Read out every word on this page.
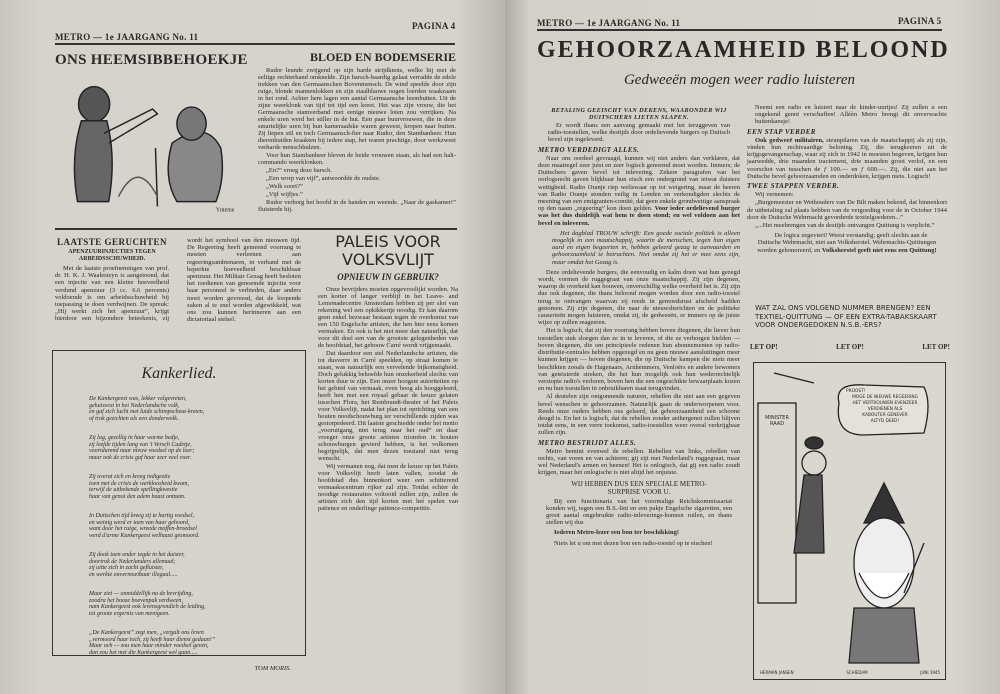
METRO — 1e JAARGANG No. 11
PAGINA 4
ONS HEEMSIBBEHOEKJE
Ynteme
BLOED EN BODEMSERIE

Rudor leunde zwijgend op zijn harde strijdknots, welke hij met de eeltige rechterhand omknelde. Zijn barsch-baardig gelaat verradde de edele trekken van den Germaanschen Bovenmensch. De wind speelde door zijn ruige, blonde mannenlokken en zijn staalblauwe oogen loerden waakzaam in het rond. Achter hem lagen een aantal Germaansche leemhutten. Uit de zijne weerklonk van tijd tot tijd een kreet. Het was zijn vrouw, die het Germaansche stamverband met eenige nieuwe loten zou verrijken. Na enkele uren werd het stiller in de hut. Een paar buurvrouwen, die in deze smartelijke uren bij hun kameraadske waren geweest, kropen naar buiten. Zij liepen stil en toch Germaansch-fier naar Rudor, den Stambanheer. Hun dierenhuiden kraakten bij iedere stap, het waren prachtige, door werkzweet verharde menschhulzen.

Voor hun Stambanheer bleven de beide vrouwen staan, als had een halt-commando weerklonken.

„En?” vroeg deze barsch.

„Een worp van vijf”, antwoordde de oudste.

„Welk soort?”

„Vijf wijfjes.”

Rudor verborg het hoofd in de handen en weende. „Naar de gaskamer!” fluisterde hij.

LAATSTE GERUCHTEN
APENZUURINJECTIES TEGEN ARBEIDSSCHUWHEID.

Met de laatste proefnemingen van prof. dr. H. K. J. Waalesteyn is aangetoond, dat een injectie van een kleine hoeveelheid verdund apenzuur (3 cc. 6.6 percents) voldoende is om arbeidsschuwheid bij toepassing te doen verdwijnen. De spreuk: „Hij werkt zich het apenzuur”, krijgt hierdoor een bijzondere beteekenis, zij wordt het symbool van den nieuwen tijd. De Regeering heeft gemeend voorrang te moeten verleenen aan regeeringsambtenaren, in verband met de beperkte hoeveelheid beschikbaar apenzuur. Het Militair Gezag heeft besloten het toedienen van genoemde injectie voor haar personeel te verbieden, daar anders moet worden gevreesd, dat de loopende zaken al te snel worden afgewikkeld, wat ons zou kunnen herinneren aan een dictatoriaal stelsel.

PALEIS VOOR VOLKSVLIJT
OPNIEUW IN GEBRUIK?

Onze bevrijders moeten opgevroolijkt worden. Na een korter of langer verblijf in het Leave- and Lemonadecentre Amsterdam hebben zij per slot van rekening wel een opkikkertje noodig. Er kan daarom geen enkel bezwaar bestaan tegen de overkomst van een 150 Engelsche artisten, die hen hier eens komen vermaken. En ook is het niet meer dan natuurlijk, dat voor dit doel een van de grootste gelegenheden van de hoofdstad, het gebouw Carré wordt vrijgemaakt.

Dat daardoor een stel Nederlandsche artisten, die tot dusverre in Carré speelden, op straat komen te staan, was natuurlijk een vervelende bijkomstigheid. Doch gelukkig behoefde hun onzekerheid slechts van korten duur te zijn. Een onzer hoogste autoriteiten op het gebied van vermaak, even hoog als hooggeleerd, heeft hen met een royaal gebaar de keuze gelaten tusschen Flora, het Rembrandt-theater of het Paleis voor Volksvlijt, nadat het plan tot oprichting van een houten noodschouwburg ter verschillende zijden was gestorpedeerd. Dit laatste geschiedde onder het motto „vooruitgang, niet terug naar het oud” en daar vroeger onze groote artisten triomfen in houten schouwburgen gevierd hebben, is het volkomen begrijpelijk, dat men dezen toestand niet terug wenscht.

Wij vermanen nog, dat men de keuze op het Paleis voor Volksvlijt heeft laten vallen, zoodat de hoofdstad dus binnenkort weer een schitterend vermaakscentrum rijker zal zijn. Totdat echter de noodige restauraties voltooid zullen zijn, zullen de artisten zich den tijd korten met het spelen van patience en onderlinge patience-competitie.

Kankerlied.

De Kankergeest was, lekker volgevreten,
gehuisvest in het Nederlandsche volk,
en gaf zich lucht met luide schimpscheut-kreten,
of trok gezichten als een donderwolk.

Zij lag, gezellig in haar warme bedje,
zij leefde tijden lang van 't Versch Cadetje,
voortdurend naar nieuw voedsel op de loer;
maar ook de crisis gaf haar zeer veel voer.

Zij overat zich en kreeg indigestie
toen met de crisis de werkloosheid kwam,
terwijl de uitbekende spellingkwestie
haar van genot den adem haast ontnam.

In Duitschen tijd kreeg zij te hartig voedsel,
en weinig werd er toen van haar gehoord,
want door het ruige, wreede moffen-broedsel
werd d'arme Kankergeest welhaast gesmoord.

Zij dook toen onder tegde in het duister,
doortrok de Nederlanders allemaal;
zij uitte zich in zacht gefluister,
en werkte onvermoeibaar illegaal.....

Maar ziet — onmiddellijk na de bevrijding,
zoodra het booze boevenpak verdween,
nam Kankergeest ook levensgrondich de leiding,
tot groote ergernis van menigeen.

„De Kankergeest” zegt men, „vergalt ons leven
„vermoord haar toch, zij heeft haar dienst gedaan!”
Maar och — zou men haar minder voedsel geven,
dan zou het met die Kankergeest wel gaan.....

TOM MORIS.

METRO — 1e JAARGANG No. 11	PAGINA 5
GEHOORZAAMHEID BELOOND
Gedweeën mogen weer radio luisteren
BETALING GEEISCHT VAN DEKENS, WAARONDER WIJ DUITSCHERS LIETEN SLAPEN.

Er wordt thans een aanvang gemaakt met het teruggeven van radio-toestellen, welke destijds door ordelievende burgers op Duitsch bevel zijn ingeleverd.

METRO VERDEDIGT ALLES.

Naar ons oordeel gevraagd, kunnen wij niet anders dan verklaren, dat deze maatregel zeer juist en zeer logisch genoemd moet worden. Immers; de Duitschers gaven bevel tot inlevering. Zekere paragrafen van het oorlogsrecht gaven blijkbaar hun eisch een ondergrond van ietwat duistere wettigheid. Radio Oranje riep weliswaar op tot weigering, maar de heeren van Radio Oranje stonden veilig in Londen en verkondigden slechts de meening van een emigranten-comité, dat geen enkele grondwettige aanspraak op den naam „regeering” kon doen gelden. Voor ieder ordelievend burger was het dus duidelijk wat hem te doen stond; en wel voldoen aan het bevel en inleveren.

Het dagblad TROUW schrijft: Een goede sociale politiek is alleen mogelijk in een maatschappij, waarin de menschen, tegen hun eigen aard en eigen begeerten in, hebben geleerd gezag te aanvaarden en gehoorzaamheid te betrachten. Niet omdat zij het er mee eens zijn, maar omdat het Gezag is.

Deze ordelievende burgers, die eenvoudig en kalm doen wat hun gezegd wordt, vormen de ruggegraat van onze maatschappij. Zij zijn degenen, waarop de overheid kan bouwen, onverschillig welke overheid het is. Zij zijn dus ook degenen, die thans beloond mogen worden door een radio-toestel terug te ontvangen waarvan zij reeds in gemoedsrust afscheid hadden genomen. Zij zijn degenen, die naar de nieuwsberichten en de politieke causerieën mogen luisteren, omdat zij, de gedweeën, er immers op de juiste wijze op zullen reageeren.

Het is logisch, dat zij den voorrang hebben boven diegenen, die liever hun toestellen stuk sloegen dan ze in te leveren, of die ze verborgen hielden — boven diegenen, die om principieele redenen hun abonnementen op radio-distributie-centrales hebben opgezegd en nu geen nieuwe aansluitingen meer kunnen krijgen — boven diegenen, die op Duitsche kampen die niets meer beschikten zooals de Hagenaars, Arnhemmers, Venloërs en andere bewoners van geteisterde streken, die het hun mogelijk ook hun wederrechtelijk verstopte radio's verloren, boven hen die een ongeschikte bewaarplaats kozen en nu hun toestellen in onbruikbaren staat terugvinden.

Al deutelen zijn ontgonnende naturen, rebellen die niet aan een gegeven bevel wenschen te gehoorzamen. Natuurlijk gaan de onderworpenen voor. Reeds onze ouders hebben ons geleerd, dat gehoorzaamheid een schoone deugd is. En het is logisch, dat de rebellen zonder aethergenot zullen blijven totdat eens, in een verre toekomst, radio-toestellen weer overal verkrijgbaar zullen zijn.

METRO BESTRIJDT ALLES.

Metro bemint evenwel de rebellen. Rebellen van links, rebellen van rechts, van voren en van achteren; gij zijt met Nederland's ruggegraat, maar wel Nederland's armen en beenen! Het is onlogisch, dat gij een radio zoudt krijgen, maar het onlogische is niet altijd het onjuiste.

WIJ HEBBEN DUS EEN SPECIALE METRO-SURPRISE VOOR U.

Bij een functionaris van het voormalige Reichskommissariat konden wij, tegen een B.S.-lint en een pakje Engelsche sigaretten, een groot aantal ongebruikte radio-inleverings-bonnen ruilen, en thans stellen wij dus

Iederen Metro-lezer een bon ter beschikking!

Niets let u om met dezen bon een radio-toestel op te eischen!

Neemt een radio en luistert naar de kinder-uurtjes! Zij zullen u een ongekend genot verschaffen! Alléén Metro brengt dit onverwachte buitenkansje!

EEN STAP VERDER

Ook gedweeë militairen, steunpilaren van de maatschappij als zij zijn, vinden hun rechtvaardige beloning. Zij, die terugkeeren uit de krijgsgevangenschap, waar zij zich in 1942 in moesten begeven, krijgen hun jaarwedde, drie maanden tractement, drie maanden groot verlof, en een voorschot van tusschen de ƒ 100.— en ƒ 600.—. Zij, die niet aan het Duitsche bevel gehoorzaamden en onderdoken, krijgen niets. Logisch!

TWEE STAPPEN VERDER.

Wij vernemen:

„Burgemeester en Wethouders van De Bilt maken bekend, dat binnenkort de uitbetaling zal plaats hebben van de vergoeding voor de in October 1944 door de Duitsche Wehrmacht gevorderde textielgoederen...”

„...Het meebrengen van de destijds ontvangen Quittung is verplicht.”

De logica zegeviert! Weest verstandig; geeft slechts aan de Duitsche Wehrmacht, niet aan Volksherstel. Wehrmachts-Quittungen worden gehonoreerd, en Volksherstel geeft niet eens een Quittung!

WAT ZAL ONS VOLGEND NUMMER BRENGEN? EEN TEXTIEL-QUITTUNG — OF EEN EXTRA-TABAKSKAART VOOR ONDERGEDOKEN N.S.B.-ERS?
LET OP!	LET OP!	LET OP!
MINISTER RAAD
PROOST!
MOGE DE NIEUWE REGEERING
HET VERTROUWEN EVENZEER
VERDIENEN ALS
KABOUTER GENEVER
ALTYD DEED!
HERMAN JANSEN	SCHIEDAM	JUNI 1945
